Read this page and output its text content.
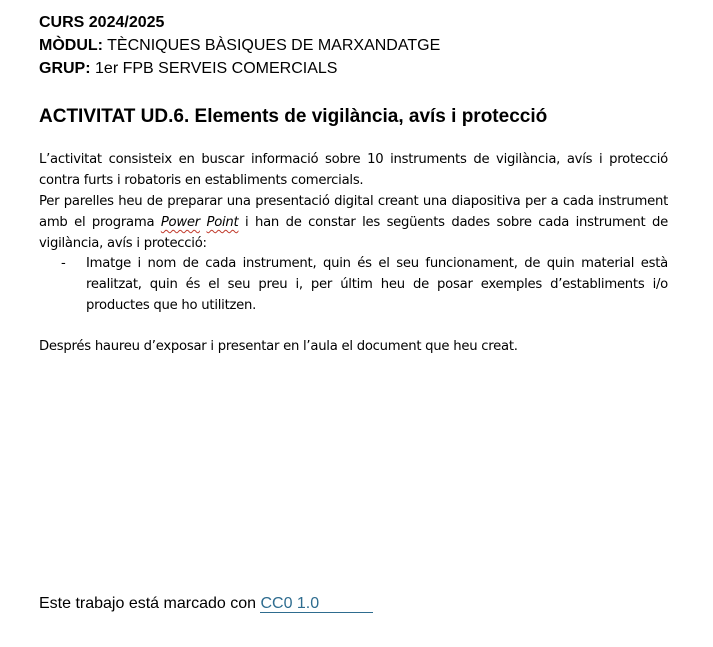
CURS 2024/2025
MÒDUL: TÈCNIQUES BÀSIQUES DE MARXANDATGE
GRUP: 1er FPB SERVEIS COMERCIALS
ACTIVITAT UD.6. Elements de vigilància, avís i protecció
L’activitat consisteix en buscar informació sobre 10 instruments de vigilància, avís i protecció contra furts i robatoris en establiments comercials.
Per parelles heu de preparar una presentació digital creant una diapositiva per a cada instrument amb el programa Power Point i han de constar les següents dades sobre cada instrument de vigilància, avís i protecció:
-	Imatge i nom de cada instrument, quin és el seu funcionament, de quin material està realitzat, quin és el seu preu i, per últim heu de posar exemples d’establiments i/o productes que ho utilitzen.
Després haureu d’exposar i presentar en l’aula el document que heu creat.
Este trabajo está marcado con CC0 1.0
